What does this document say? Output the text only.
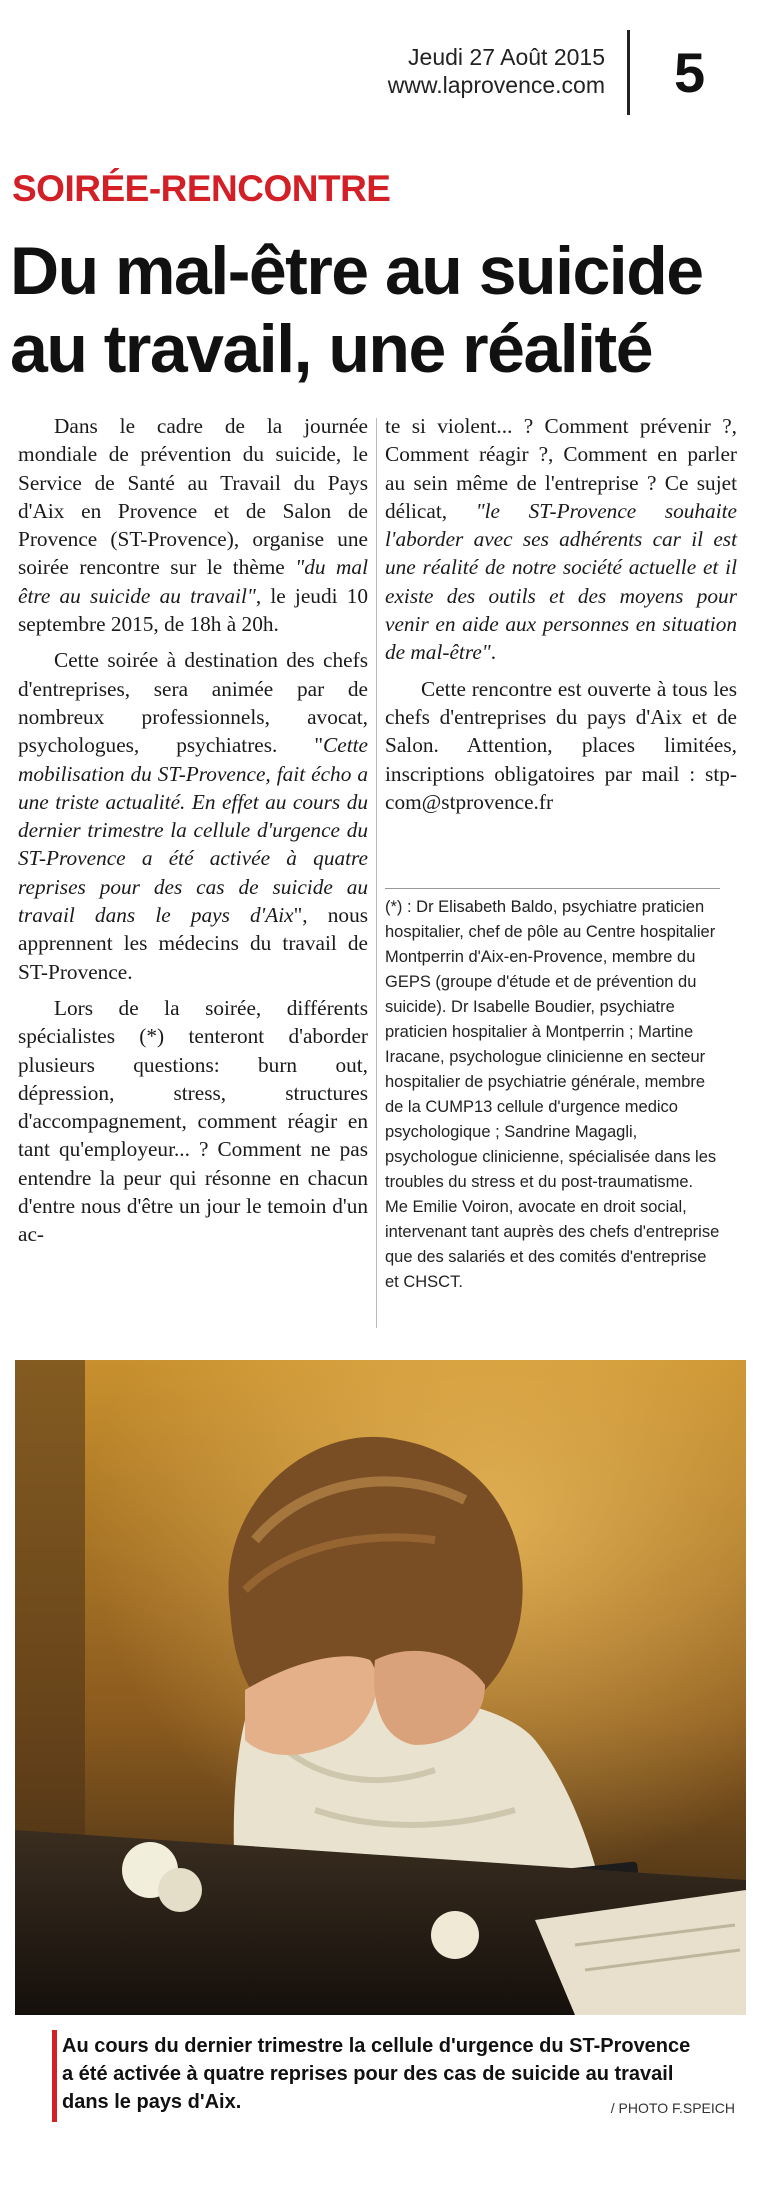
Jeudi 27 Août 2015
www.laprovence.com 5
SOIRÉE-RENCONTRE
Du mal-être au suicide
au travail, une réalité

Dans le cadre de la journée mondiale de prévention du suicide, le Service de Santé au Travail du Pays d'Aix en Provence et de Salon de Provence (ST-Provence), organise une soirée rencontre sur le thème "du mal être au suicide au travail", le jeudi 10 septembre 2015, de 18h à 20h.

Cette soirée à destination des chefs d'entreprises, sera animée par de nombreux professionnels, avocat, psychologues, psychiatres. "Cette mobilisation du ST-Provence, fait écho a une triste actualité. En effet au cours du dernier trimestre la cellule d'urgence du ST-Provence a été activée à quatre reprises pour des cas de suicide au travail dans le pays d'Aix", nous apprennent les médecins du travail de ST-Provence.

Lors de la soirée, différents spécialistes (*) tenteront d'aborder plusieurs questions: burn out, dépression, stress, structures d'accompagnement, comment réagir en tant qu'employeur... ? Comment ne pas entendre la peur qui résonne en chacun d'entre nous d'être un jour le temoin d'un ac-

te si violent... ? Comment prévenir ?, Comment réagir ?, Comment en parler au sein même de l'entreprise ? Ce sujet délicat, "le ST-Provence souhaite l'aborder avec ses adhérents car il est une réalité de notre société actuelle et il existe des outils et des moyens pour venir en aide aux personnes en situation de mal-être".

Cette rencontre est ouverte à tous les chefs d'entreprises du pays d'Aix et de Salon. Attention, places limitées, inscriptions obligatoires par mail : stp-com@stprovence.fr

(*) : Dr Elisabeth Baldo, psychiatre praticien hospitalier, chef de pôle au Centre hospitalier Montperrin d'Aix-en-Provence, membre du GEPS (groupe d'étude et de prévention du suicide). Dr Isabelle Boudier, psychiatre praticien hospitalier à Montperrin ; Martine Iracane, psychologue clinicienne en secteur hospitalier de psychiatrie générale, membre de la CUMP13 cellule d'urgence medico psychologique ; Sandrine Magagli, psychologue clinicienne, spécialisée dans les troubles du stress et du post-traumatisme. Me Emilie Voiron, avocate en droit social, intervenant tant auprès des chefs d'entreprise que des salariés et des comités d'entreprise et CHSCT.
Au cours du dernier trimestre la cellule d'urgence du ST-Provence a été activée à quatre reprises pour des cas de suicide au travail dans le pays d'Aix.	/ PHOTO F.SPEICH
